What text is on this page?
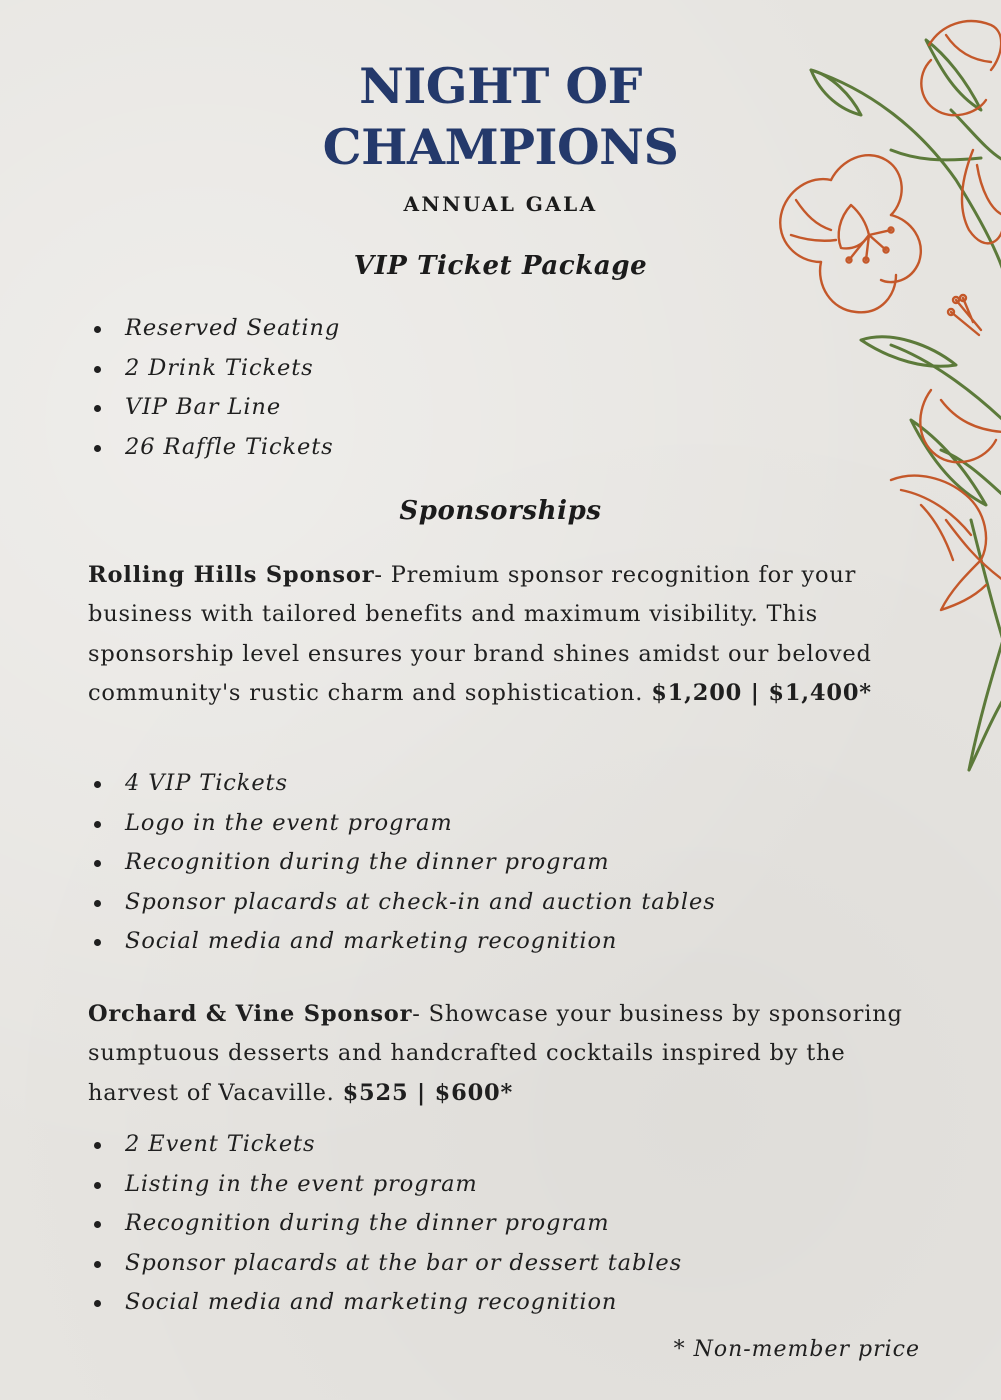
NIGHT OF
CHAMPIONS
ANNUAL GALA
VIP Ticket Package
Reserved Seating
2 Drink Tickets
VIP Bar Line
26 Raffle Tickets
Sponsorships
Rolling Hills Sponsor- Premium sponsor recognition for your business with tailored benefits and maximum visibility. This sponsorship level ensures your brand shines amidst our beloved community's rustic charm and sophistication. $1,200 | $1,400*
4 VIP Tickets
Logo in the event program
Recognition during the dinner program
Sponsor placards at check-in and auction tables
Social media and marketing recognition
Orchard & Vine Sponsor- Showcase your business by sponsoring sumptuous desserts and handcrafted cocktails inspired by the harvest of Vacaville. $525 | $600*
2 Event Tickets
Listing in the event program
Recognition during the dinner program
Sponsor placards at the bar or dessert tables
Social media and marketing recognition
* Non-member price
